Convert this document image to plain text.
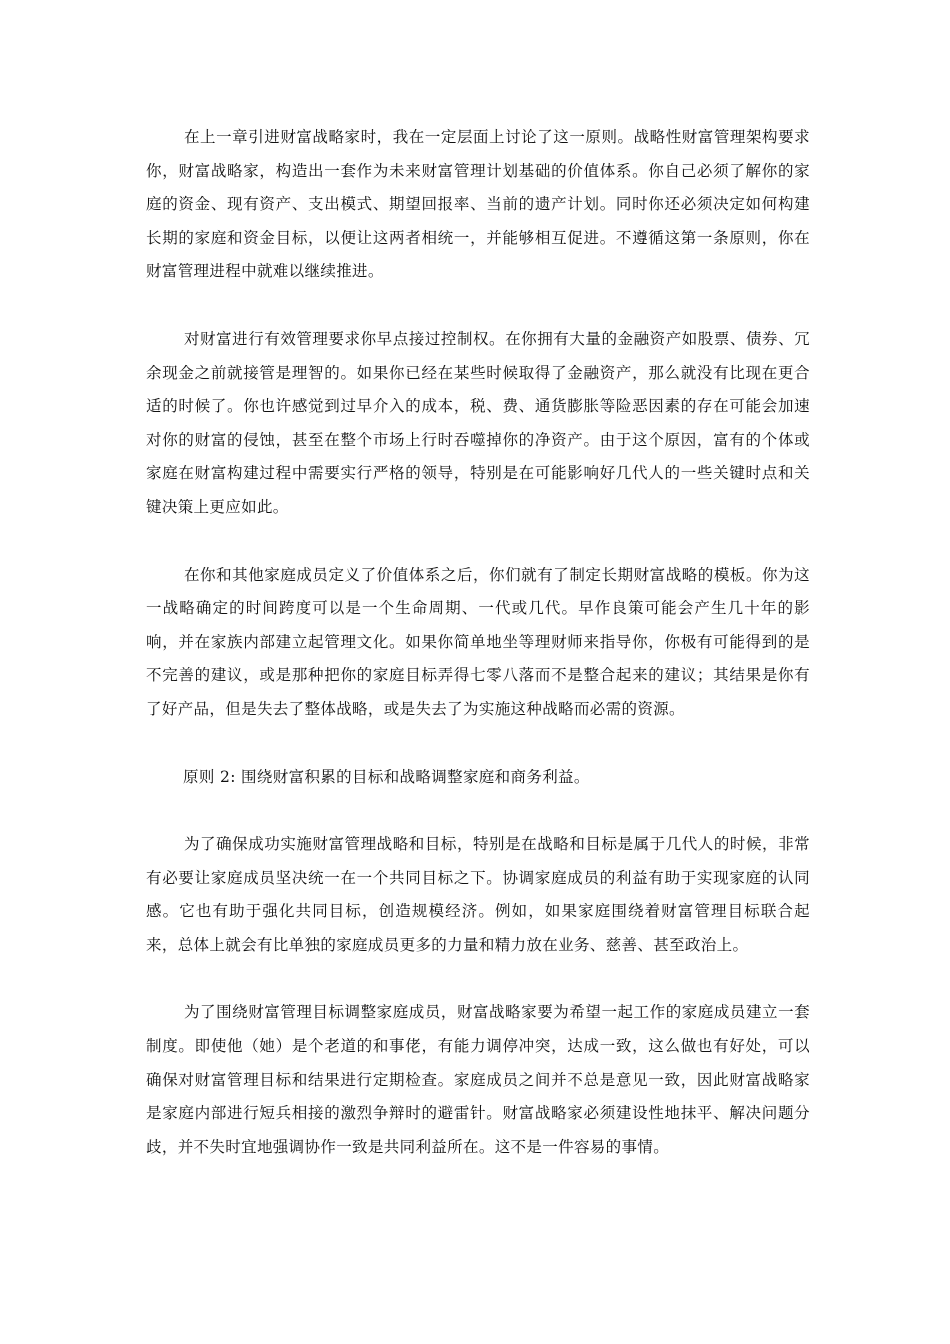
在上一章引进财富战略家时，我在一定层面上讨论了这一原则。战略性财富管理架构要求你，财富战略家，构造出一套作为未来财富管理计划基础的价值体系。你自己必须了解你的家庭的资金、现有资产、支出模式、期望回报率、当前的遗产计划。同时你还必须决定如何构建长期的家庭和资金目标，以便让这两者相统一，并能够相互促进。不遵循这第一条原则，你在财富管理进程中就难以继续推进。

对财富进行有效管理要求你早点接过控制权。在你拥有大量的金融资产如股票、债券、冗余现金之前就接管是理智的。如果你已经在某些时候取得了金融资产，那么就没有比现在更合适的时候了。你也许感觉到过早介入的成本，税、费、通货膨胀等险恶因素的存在可能会加速对你的财富的侵蚀，甚至在整个市场上行时吞噬掉你的净资产。由于这个原因，富有的个体或家庭在财富构建过程中需要实行严格的领导，特别是在可能影响好几代人的一些关键时点和关键决策上更应如此。

在你和其他家庭成员定义了价值体系之后，你们就有了制定长期财富战略的模板。你为这一战略确定的时间跨度可以是一个生命周期、一代或几代。早作良策可能会产生几十年的影响，并在家族内部建立起管理文化。如果你简单地坐等理财师来指导你，你极有可能得到的是不完善的建议，或是那种把你的家庭目标弄得七零八落而不是整合起来的建议；其结果是你有了好产品，但是失去了整体战略，或是失去了为实施这种战略而必需的资源。

原则 2: 围绕财富积累的目标和战略调整家庭和商务利益。

为了确保成功实施财富管理战略和目标，特别是在战略和目标是属于几代人的时候，非常有必要让家庭成员坚决统一在一个共同目标之下。协调家庭成员的利益有助于实现家庭的认同感。它也有助于强化共同目标，创造规模经济。例如，如果家庭围绕着财富管理目标联合起来，总体上就会有比单独的家庭成员更多的力量和精力放在业务、慈善、甚至政治上。

为了围绕财富管理目标调整家庭成员，财富战略家要为希望一起工作的家庭成员建立一套制度。即使他（她）是个老道的和事佬，有能力调停冲突，达成一致，这么做也有好处，可以确保对财富管理目标和结果进行定期检查。家庭成员之间并不总是意见一致，因此财富战略家是家庭内部进行短兵相接的激烈争辩时的避雷针。财富战略家必须建设性地抹平、解决问题分歧，并不失时宜地强调协作一致是共同利益所在。这不是一件容易的事情。
